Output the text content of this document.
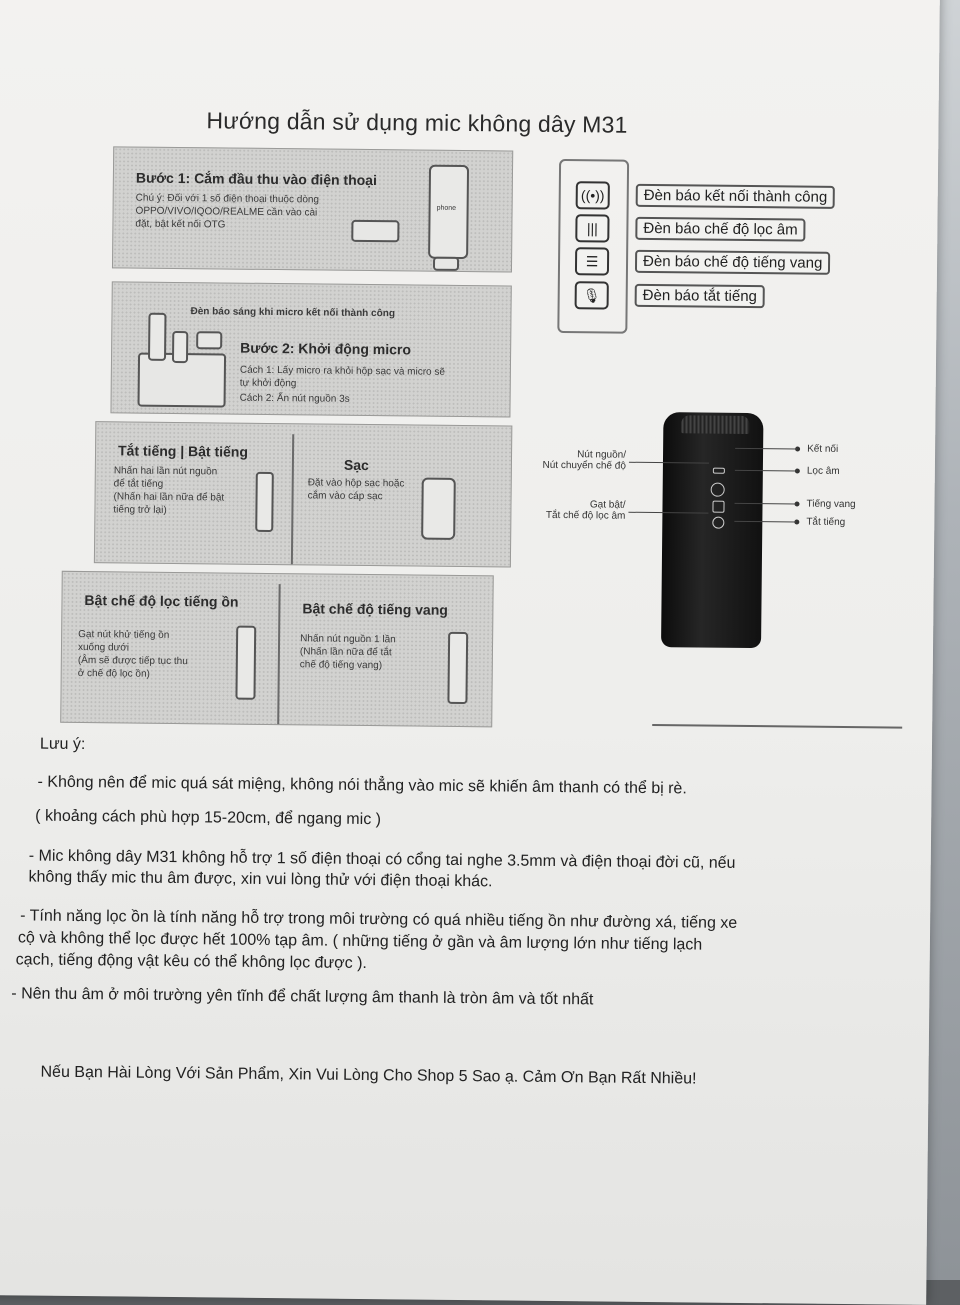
Hướng dẫn sử dụng mic không dây M31
Bước 1: Cắm đầu thu vào điện thoại
Chú ý: Đối với 1 số điện thoại thuộc dòng
OPPO/VIVO/IQOO/REALME cần vào cài
đặt, bật kết nối OTG
phone
Đèn báo sáng khi micro kết nối thành công
Bước 2: Khởi động micro
Cách 1: Lấy micro ra khỏi hộp sạc và micro sẽ
tự khởi động
Cách 2: Ấn nút nguồn 3s
Tắt tiếng | Bật tiếng
Nhấn hai lần nút nguồn
để tắt tiếng
(Nhấn hai lần nữa để bật
tiếng trở lại)
Sạc
Đặt vào hộp sạc hoặc
cắm vào cáp sạc
Bật chế độ lọc tiếng ồn
Gạt nút khử tiếng ồn
xuống dưới
(Âm sẽ được tiếp tục thu
ở chế độ lọc ồn)
Bật chế độ tiếng vang
Nhấn nút nguồn 1 lần
(Nhấn lần nữa để tắt
chế độ tiếng vang)
((•))
|||
☰
🎙
Đèn báo kết nối thành công
Đèn báo chế độ lọc âm
Đèn báo chế độ tiếng vang
Đèn báo tắt tiếng
Nút nguồn/
Nút chuyển chế độ
Gạt bật/
Tắt chế độ lọc âm
Kết nối
Lọc âm
Tiếng vang
Tắt tiếng
Lưu ý:
- Không nên để mic quá sát miệng, không nói thẳng vào mic sẽ khiến âm thanh có thể bị rè.
( khoảng cách phù hợp 15-20cm, để ngang mic )
- Mic không dây M31 không hỗ trợ 1 số điện thoại có cổng tai nghe 3.5mm và điện thoại đời cũ, nếu
không thấy mic thu âm được, xin vui lòng thử với điện thoại khác.
- Tính năng lọc ồn là tính năng hỗ trợ trong môi trường có quá nhiều tiếng ồn như đường xá, tiếng xe
cộ và không thể lọc được hết 100% tạp âm. ( những tiếng ở gần và âm lượng lớn như tiếng lạch
cạch, tiếng động vật kêu có thể không lọc được ).
- Nên thu âm ở môi trường yên tĩnh để chất lượng âm thanh là tròn âm và tốt nhất
Nếu Bạn Hài Lòng Với Sản Phẩm, Xin Vui Lòng Cho Shop 5 Sao ạ. Cảm Ơn Bạn Rất Nhiều!
